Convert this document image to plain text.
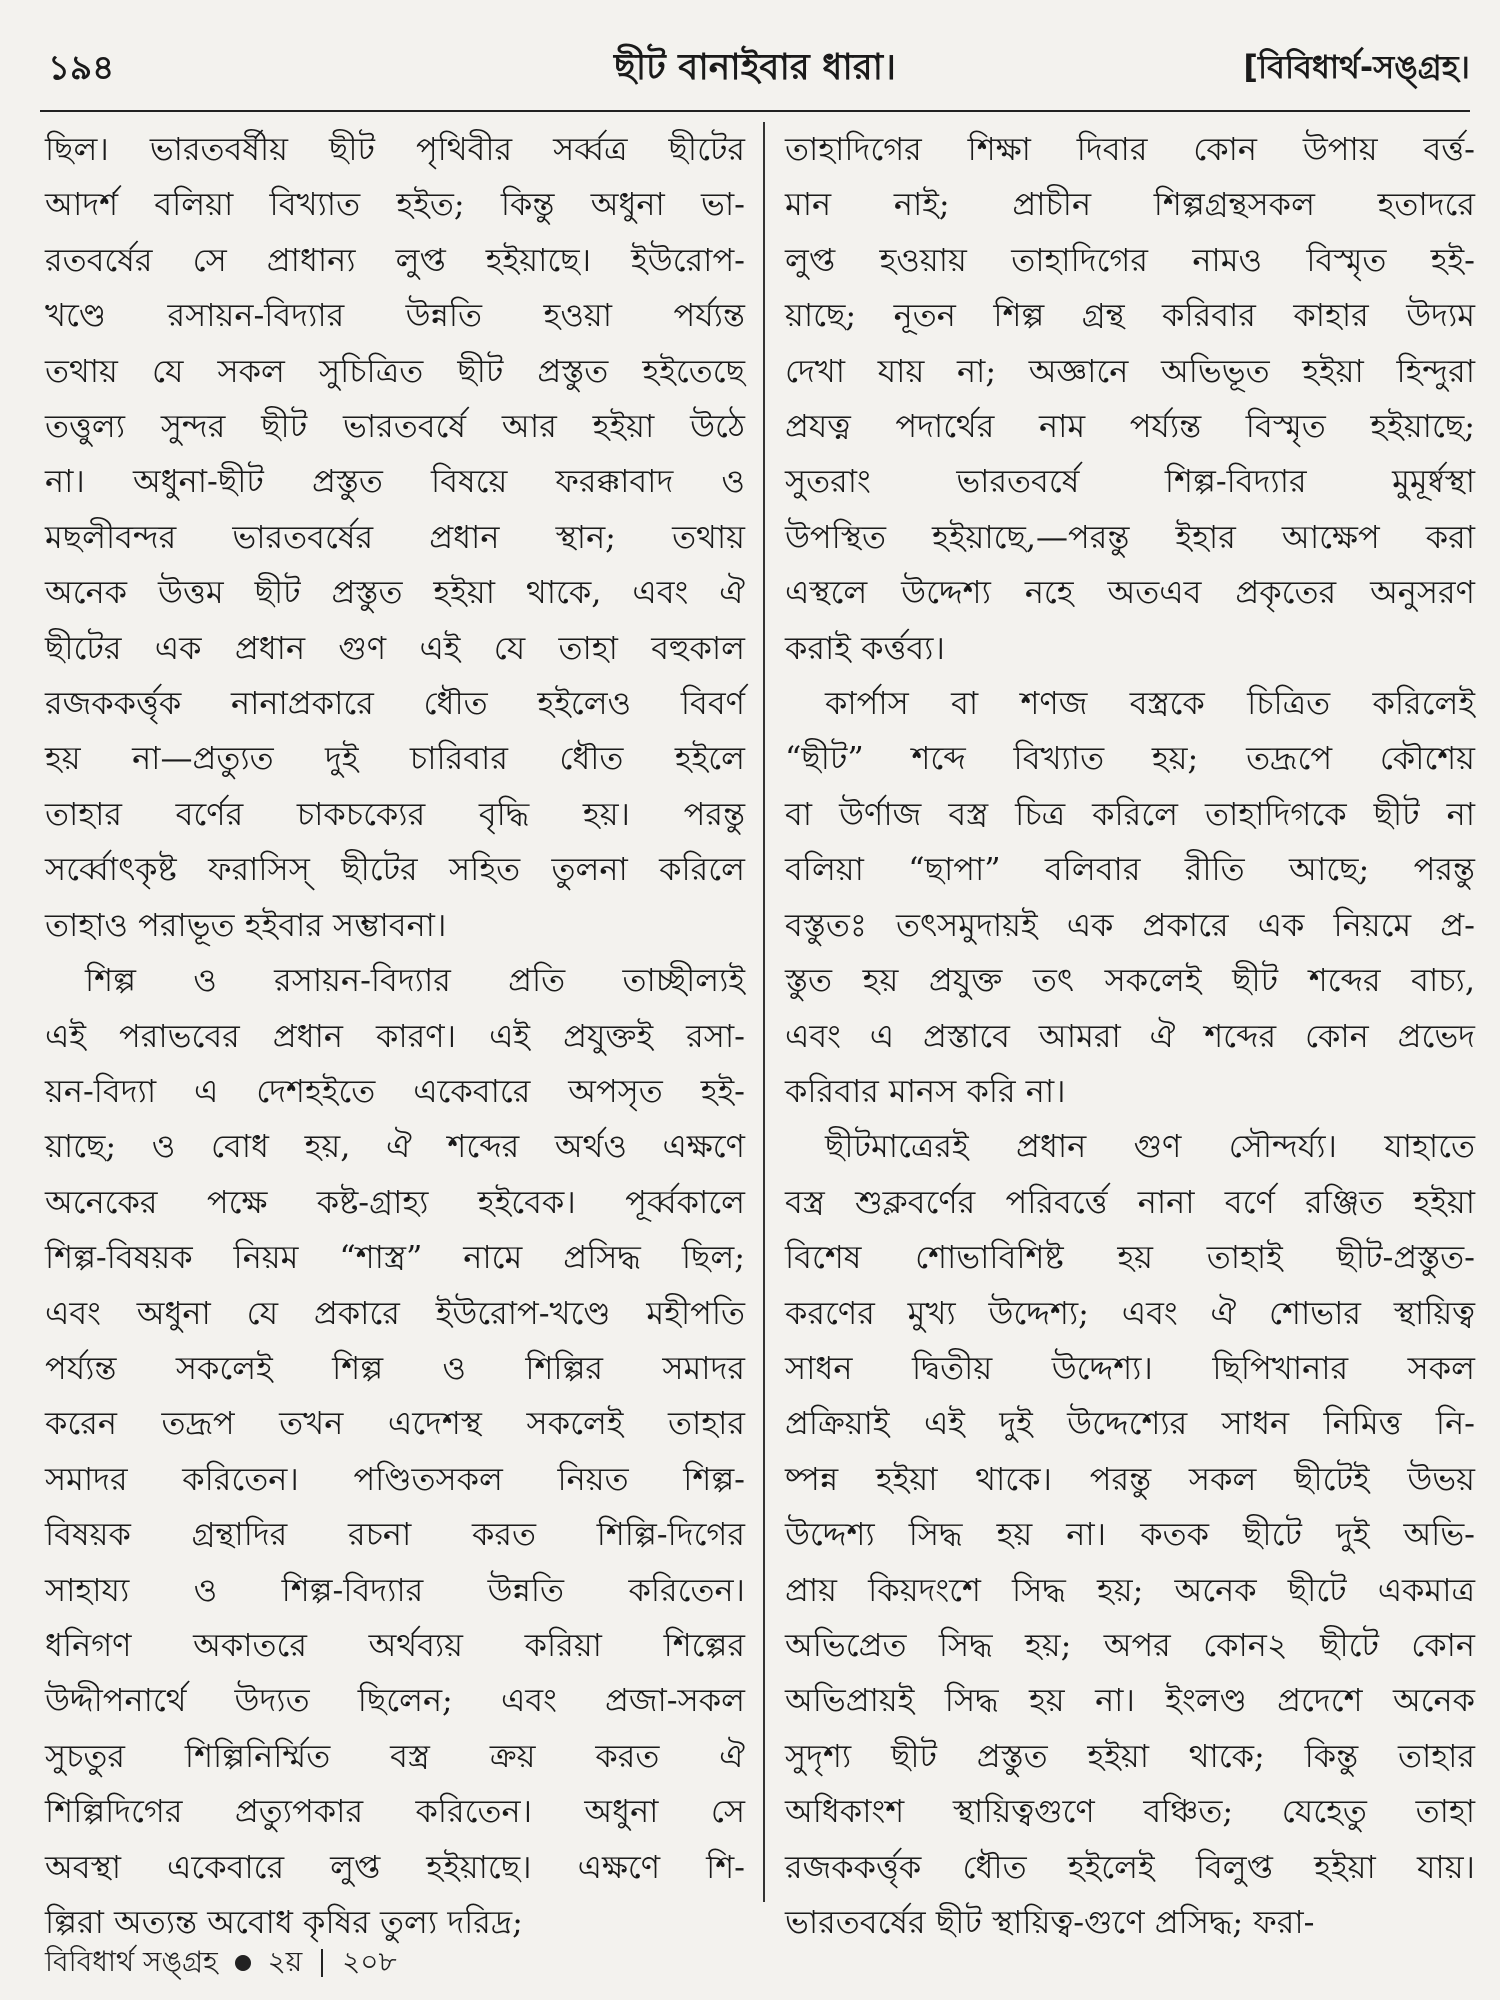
১৯৪	ছীট বানাইবার ধারা।	[বিবিধার্থ-সঙ্গ্রহ।
ছিল। ভারতবর্ষীয় ছীট পৃথিবীর সর্ব্বত্র ছীটের
আদর্শ বলিয়া বিখ্যাত হইত; কিন্তু অধুনা ভা-
রতবর্ষের সে প্রাধান্য লুপ্ত হইয়াছে। ইউরোপ-
খণ্ডে রসায়ন-বিদ্যার উন্নতি হওয়া পর্য্যন্ত
তথায় যে সকল সুচিত্রিত ছীট প্রস্তুত হইতেছে
তত্তুল্য সুন্দর ছীট ভারতবর্ষে আর হইয়া উঠে
না। অধুনা-ছীট প্রস্তুত বিষয়ে ফরক্কাবাদ ও
মছলীবন্দর ভারতবর্ষের প্রধান স্থান; তথায়
অনেক উত্তম ছীট প্রস্তুত হইয়া থাকে, এবং ঐ
ছীটের এক প্রধান গুণ এই যে তাহা বহুকাল
রজককর্ত্তৃক নানাপ্রকারে ধৌত হইলেও বিবর্ণ
হয় না—প্রত্যুত দুই চারিবার ধৌত হইলে
তাহার বর্ণের চাকচক্যের বৃদ্ধি হয়। পরন্তু
সর্ব্বোৎকৃষ্ট ফরাসিস্ ছীটের সহিত তুলনা করিলে
তাহাও পরাভূত হইবার সম্ভাবনা।
শিল্প ও রসায়ন-বিদ্যার প্রতি তাচ্ছীল্যই
এই পরাভবের প্রধান কারণ। এই প্রযুক্তই রসা-
য়ন-বিদ্যা এ দেশহইতে একেবারে অপসৃত হই-
য়াছে; ও বোধ হয়, ঐ শব্দের অর্থও এক্ষণে
অনেকের পক্ষে কষ্ট-গ্রাহ্য হইবেক। পূর্ব্বকালে
শিল্প-বিষয়ক নিয়ম “শাস্ত্র” নামে প্রসিদ্ধ ছিল;
এবং অধুনা যে প্রকারে ইউরোপ-খণ্ডে মহীপতি
পর্য্যন্ত সকলেই শিল্প ও শিল্পির সমাদর
করেন তদ্রূপ তখন এদেশস্থ সকলেই তাহার
সমাদর করিতেন। পণ্ডিতসকল নিয়ত শিল্প-
বিষয়ক গ্রন্থাদির রচনা করত শিল্পি-দিগের
সাহায্য ও শিল্প-বিদ্যার উন্নতি করিতেন।
ধনিগণ অকাতরে অর্থব্যয় করিয়া শিল্পের
উদ্দীপনার্থে উদ্যত ছিলেন; এবং প্রজা-সকল
সুচতুর শিল্পিনির্ম্মিত বস্ত্র ক্রয় করত ঐ
শিল্পিদিগের প্রত্যুপকার করিতেন। অধুনা সে
অবস্থা একেবারে লুপ্ত হইয়াছে। এক্ষণে শি-
ল্পিরা অত্যন্ত অবোধ কৃষির তুল্য দরিদ্র;
তাহাদিগের শিক্ষা দিবার কোন উপায় বর্ত্ত-
মান নাই; প্রাচীন শিল্পগ্রন্থসকল হতাদরে
লুপ্ত হওয়ায় তাহাদিগের নামও বিস্মৃত হই-
য়াছে; নূতন শিল্প গ্রন্থ করিবার কাহার উদ্যম
দেখা যায় না; অজ্ঞানে অভিভূত হইয়া হিন্দুরা
প্রযত্ন পদার্থের নাম পর্য্যন্ত বিস্মৃত হইয়াছে;
সুতরাং ভারতবর্ষে শিল্প-বিদ্যার মুমূর্ষ্বস্থা
উপস্থিত হইয়াছে,—পরন্তু ইহার আক্ষেপ করা
এস্থলে উদ্দেশ্য নহে অতএব প্রকৃতের অনুসরণ
করাই কর্ত্তব্য।
কার্পাস বা শণজ বস্ত্রকে চিত্রিত করিলেই
“ছীট” শব্দে বিখ্যাত হয়; তদ্রূপে কৌশেয়
বা উর্ণাজ বস্ত্র চিত্র করিলে তাহাদিগকে ছীট না
বলিয়া “ছাপা” বলিবার রীতি আছে; পরন্তু
বস্তুতঃ তৎসমুদায়ই এক প্রকারে এক নিয়মে প্র-
স্তুত হয় প্রযুক্ত তৎ সকলেই ছীট শব্দের বাচ্য,
এবং এ প্রস্তাবে আমরা ঐ শব্দের কোন প্রভেদ
করিবার মানস করি না।
ছীটমাত্রেরই প্রধান গুণ সৌন্দর্য্য। যাহাতে
বস্ত্র শুক্লবর্ণের পরিবর্ত্তে নানা বর্ণে রঞ্জিত হইয়া
বিশেষ শোভাবিশিষ্ট হয় তাহাই ছীট-প্রস্তুত-
করণের মুখ্য উদ্দেশ্য; এবং ঐ শোভার স্থায়িত্ব
সাধন দ্বিতীয় উদ্দেশ্য। ছিপিখানার সকল
প্রক্রিয়াই এই দুই উদ্দেশ্যের সাধন নিমিত্ত নি-
ষ্পন্ন হইয়া থাকে। পরন্তু সকল ছীটেই উভয়
উদ্দেশ্য সিদ্ধ হয় না। কতক ছীটে দুই অভি-
প্রায় কিয়দংশে সিদ্ধ হয়; অনেক ছীটে একমাত্র
অভিপ্রেত সিদ্ধ হয়; অপর কোন২ ছীটে কোন
অভিপ্রায়ই সিদ্ধ হয় না। ইংলণ্ড প্রদেশে অনেক
সুদৃশ্য ছীট প্রস্তুত হইয়া থাকে; কিন্তু তাহার
অধিকাংশ স্থায়িত্বগুণে বঞ্চিত; যেহেতু তাহা
রজককর্ত্তৃক ধৌত হইলেই বিলুপ্ত হইয়া যায়।
ভারতবর্ষের ছীট স্থায়িত্ব-গুণে প্রসিদ্ধ; ফরা-
বিবিধার্থ সঙ্গ্রহ ২য় ২০৮
